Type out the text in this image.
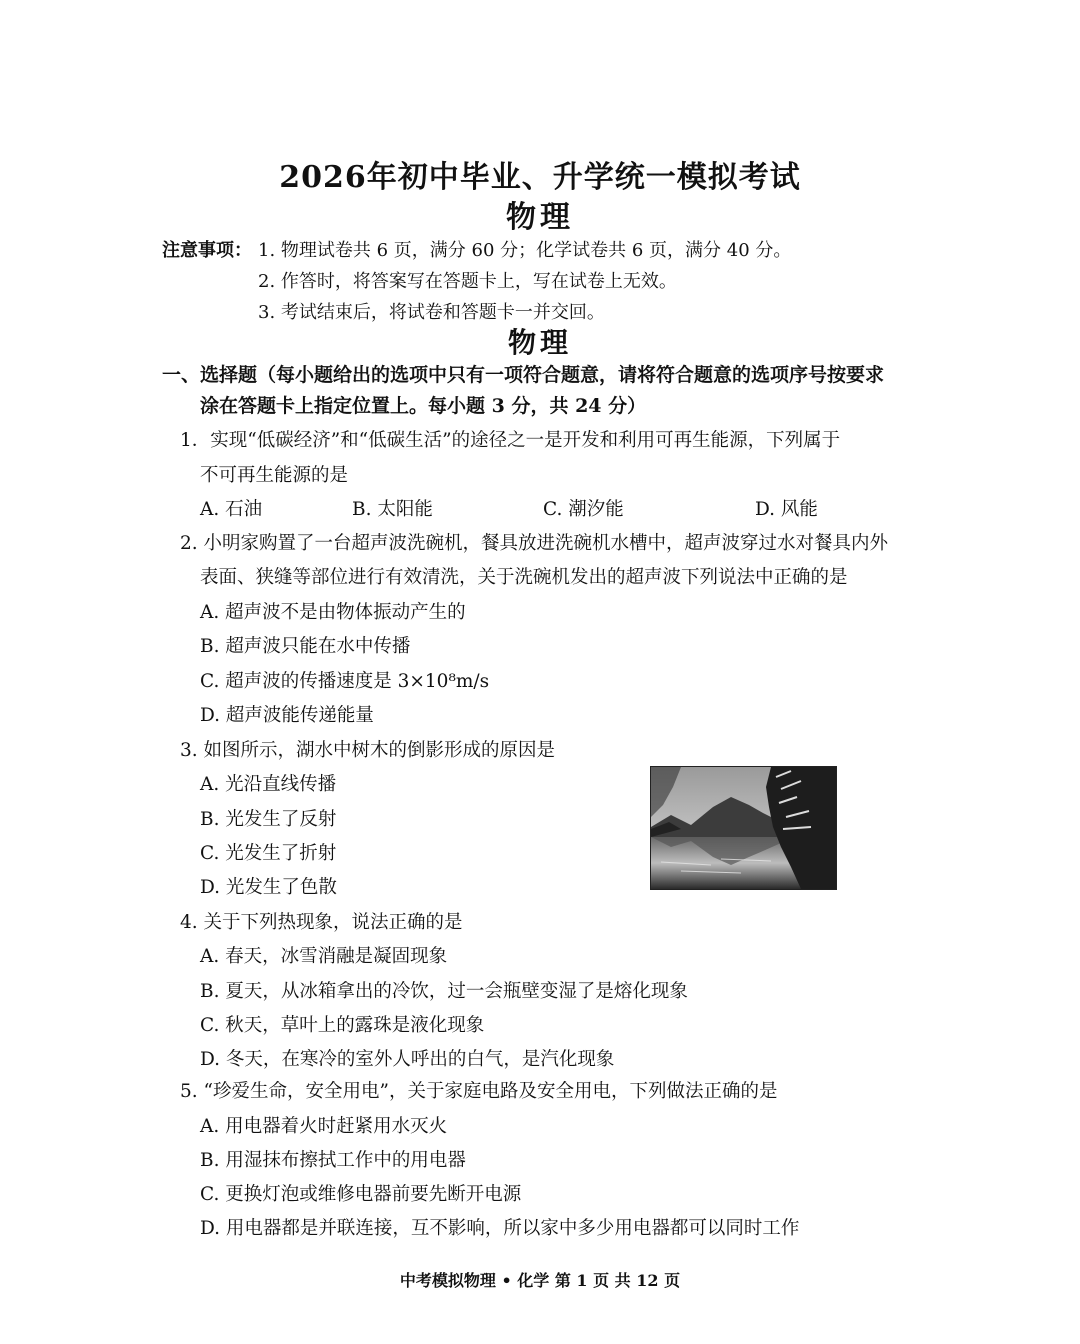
2026年初中毕业、升学统一模拟考试
物理
注意事项： 1. 物理试卷共 6 页，满分 60 分；化学试卷共 6 页，满分 40 分。
2. 作答时，将答案写在答题卡上，写在试卷上无效。
3. 考试结束后，将试卷和答题卡一并交回。
物理
一、选择题（每小题给出的选项中只有一项符合题意，请将符合题意的选项序号按要求
涂在答题卡上指定位置上。每小题 3 分，共 24 分）
1．实现“低碳经济”和“低碳生活”的途径之一是开发和利用可再生能源，下列属于
不可再生能源的是
A. 石油	B. 太阳能	C. 潮汐能	D. 风能
2. 小明家购置了一台超声波洗碗机，餐具放进洗碗机水槽中，超声波穿过水对餐具内外
表面、狭缝等部位进行有效清洗，关于洗碗机发出的超声波下列说法中正确的是
A. 超声波不是由物体振动产生的
B. 超声波只能在水中传播
C. 超声波的传播速度是 3×10⁸m/s
D. 超声波能传递能量
3. 如图所示，湖水中树木的倒影形成的原因是
A. 光沿直线传播
B. 光发生了反射
C. 光发生了折射
D. 光发生了色散
4. 关于下列热现象，说法正确的是
A. 春天，冰雪消融是凝固现象
B. 夏天，从冰箱拿出的冷饮，过一会瓶壁变湿了是熔化现象
C. 秋天，草叶上的露珠是液化现象
D. 冬天，在寒冷的室外人呼出的白气，是汽化现象
5. “珍爱生命，安全用电”，关于家庭电路及安全用电，下列做法正确的是
A. 用电器着火时赶紧用水灭火
B. 用湿抹布擦拭工作中的用电器
C. 更换灯泡或维修电器前要先断开电源
D. 用电器都是并联连接，互不影响，所以家中多少用电器都可以同时工作
中考模拟物理 • 化学 第 1 页 共 12 页
